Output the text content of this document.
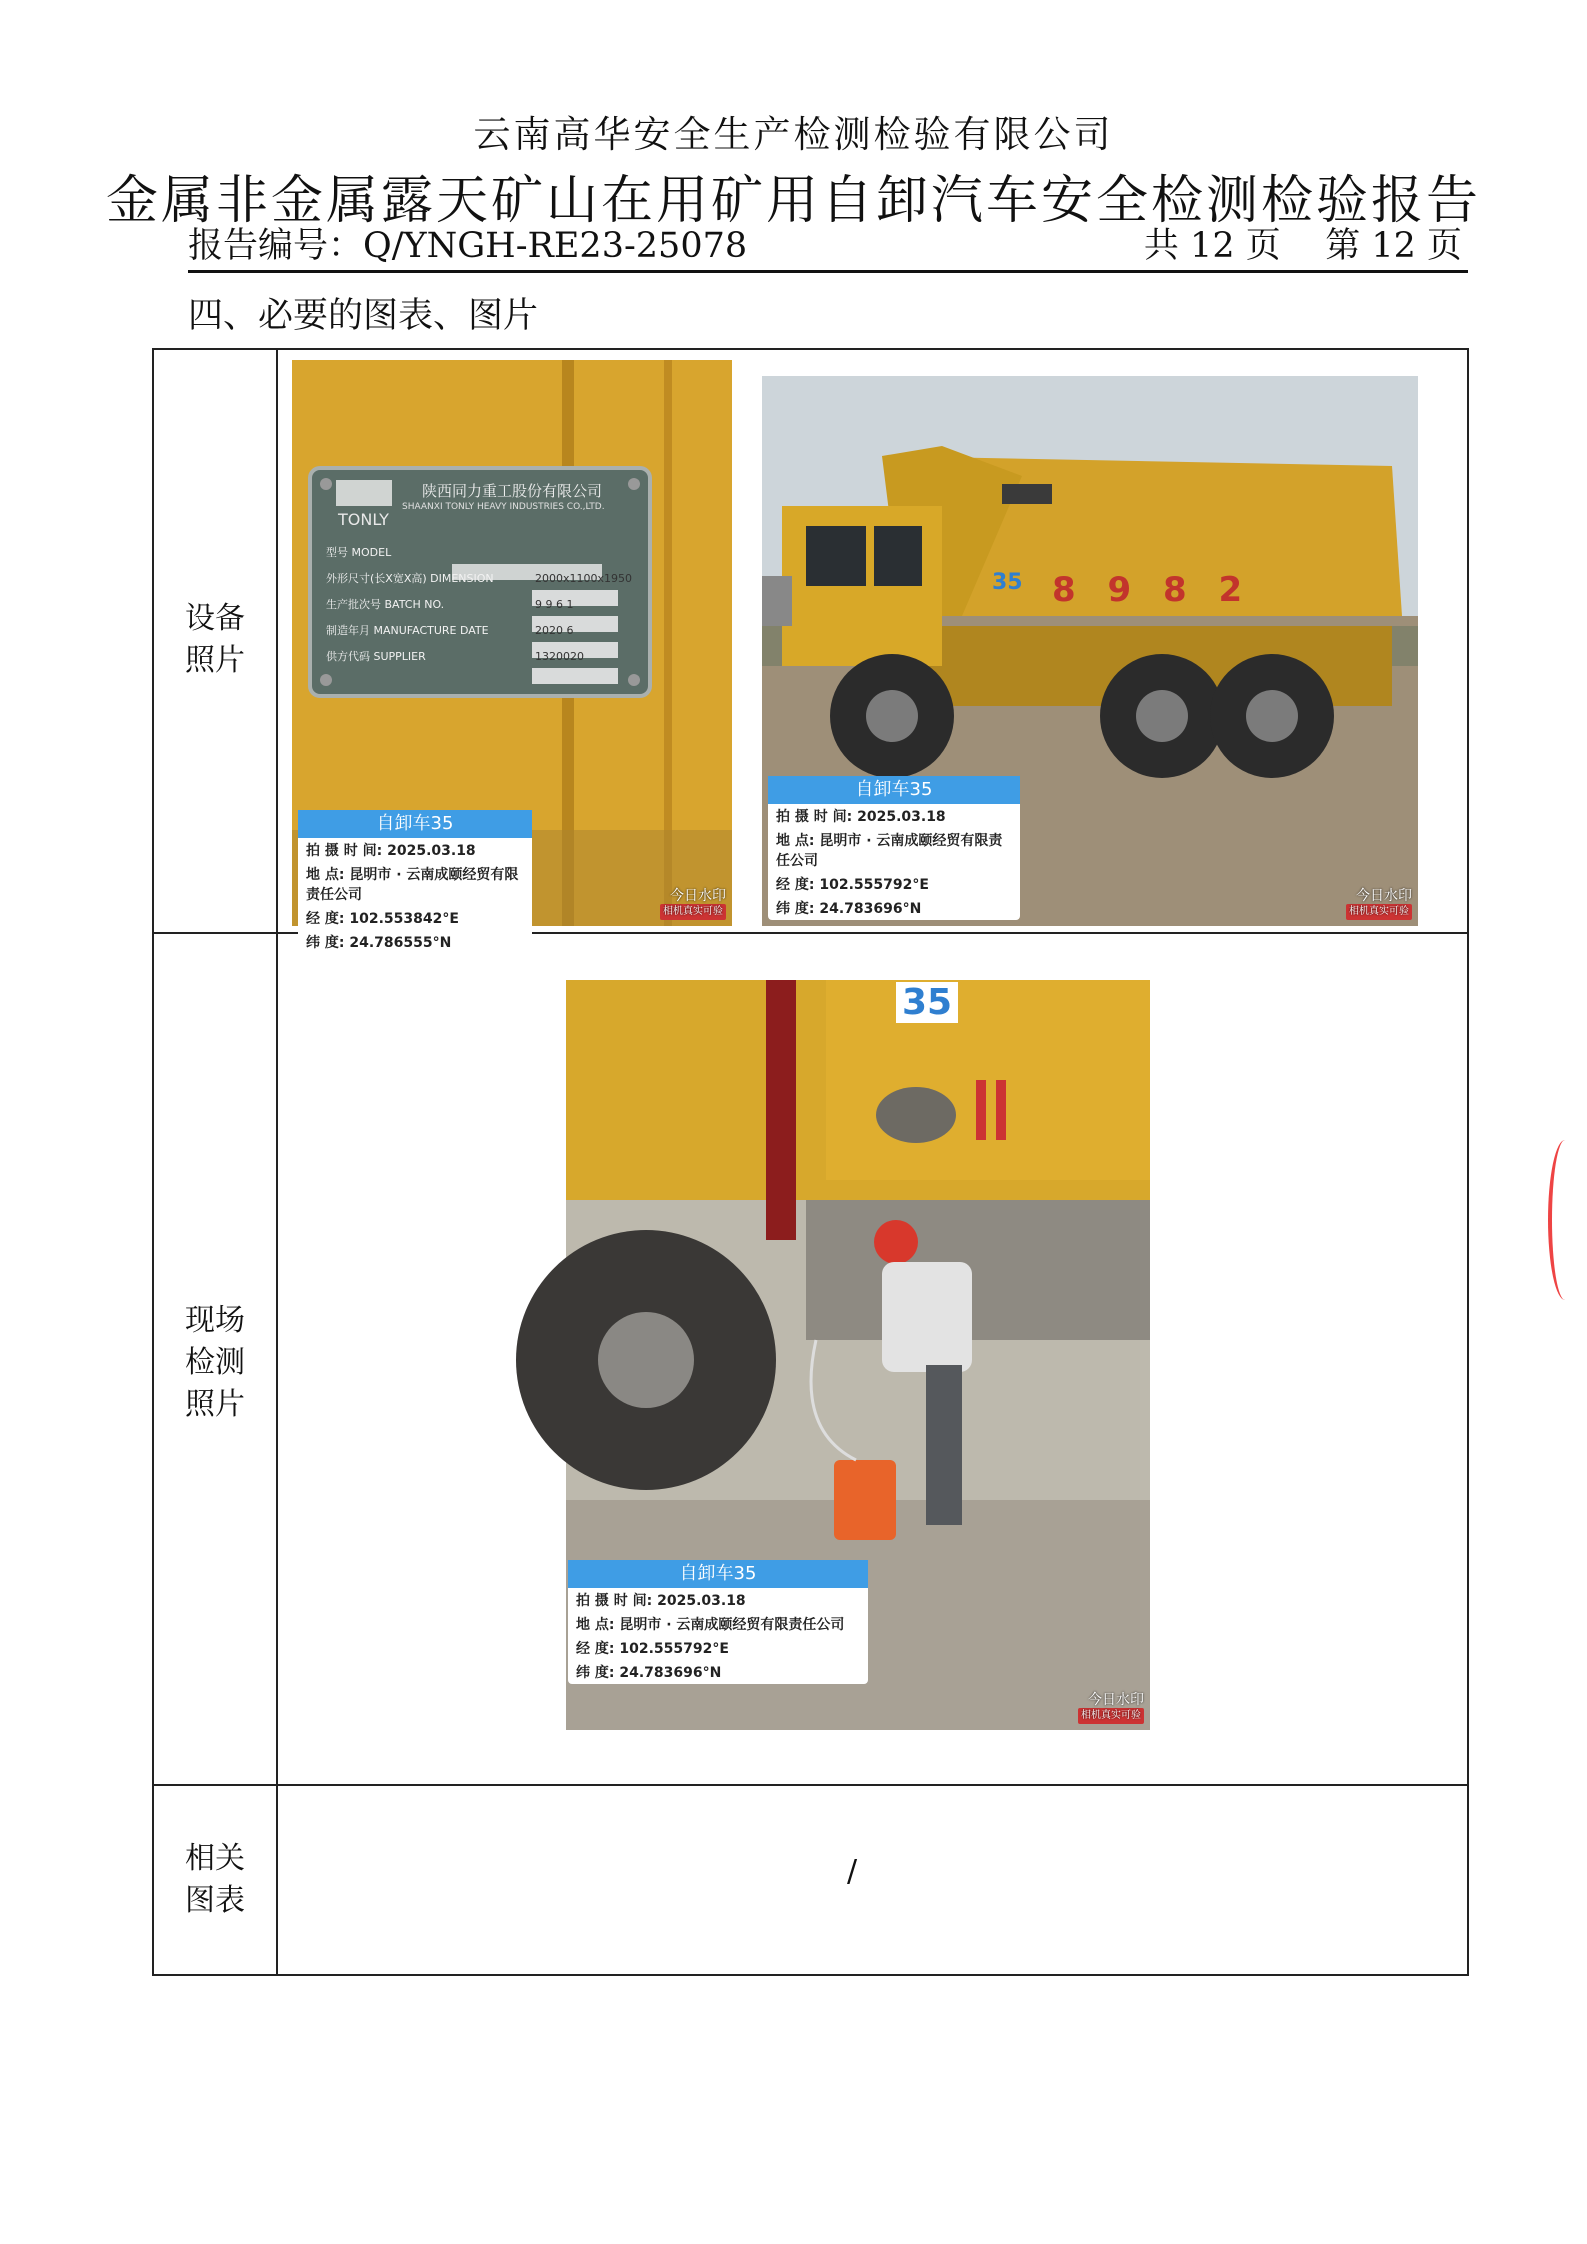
云南高华安全生产检测检验有限公司
金属非金属露天矿山在用矿用自卸汽车安全检测检验报告
报告编号：Q/YNGH-RE23-25078	共 12 页    第 12 页
四、必要的图表、图片
设备
照片
现场
检测
照片
相关
图表
/
TONLY
陕西同力重工股份有限公司
SHAANXI TONLY HEAVY INDUSTRIES CO.,LTD.
型号 MODEL
外形尺寸(长X宽X高) DIMENSION
生产批次号 BATCH NO.
制造年月 MANUFACTURE DATE
供方代码 SUPPLIER
2000x1100x1950
9 9 6 1
2020 6
1320020
自卸车35
拍 摄 时 间: 2025.03.18
地 点: 昆明市 · 云南成颐经贸有限责任公司
经 度: 102.553842°E
纬 度: 24.786555°N
今日水印
相机真实可验
35 8 9 8 2
自卸车35
拍 摄 时 间: 2025.03.18
地 点: 昆明市 · 云南成颐经贸有限责任公司
经 度: 102.555792°E
纬 度: 24.783696°N
今日水印
相机真实可验
35
自卸车35
拍 摄 时 间: 2025.03.18
地 点: 昆明市 · 云南成颐经贸有限责任公司
经 度: 102.555792°E
纬 度: 24.783696°N
今日水印
相机真实可验
